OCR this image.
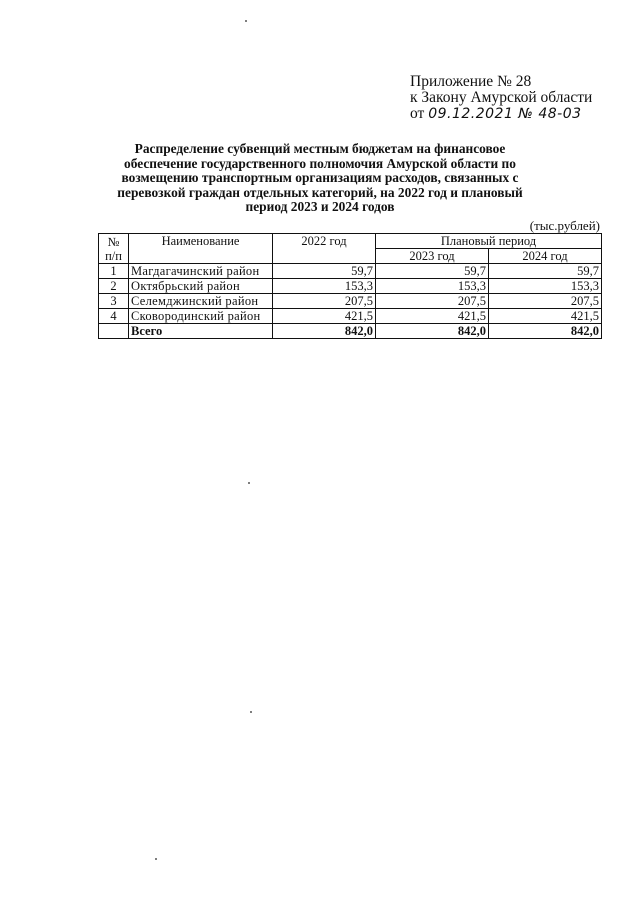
Приложение № 28
к Закону Амурской области
от 09.12.2021 № 48-03
Распределение субвенций местным бюджетам на финансовое
обеспечение государственного полномочия Амурской области по
возмещению транспортным организациям расходов, связанных с
перевозкой граждан отдельных категорий, на 2022 год и плановый
период 2023 и 2024 годов
(тыс.рублей)
№
п/п	Наименование	2022 год	Плановый период	
			2023 год	2024 год
1	Магдагачинский район	59,7	59,7	59,7
2	Октябрьский район	153,3	153,3	153,3
3	Селемджинский район	207,5	207,5	207,5
4	Сковородинский район	421,5	421,5	421,5
	Всего	842,0	842,0	842,0
